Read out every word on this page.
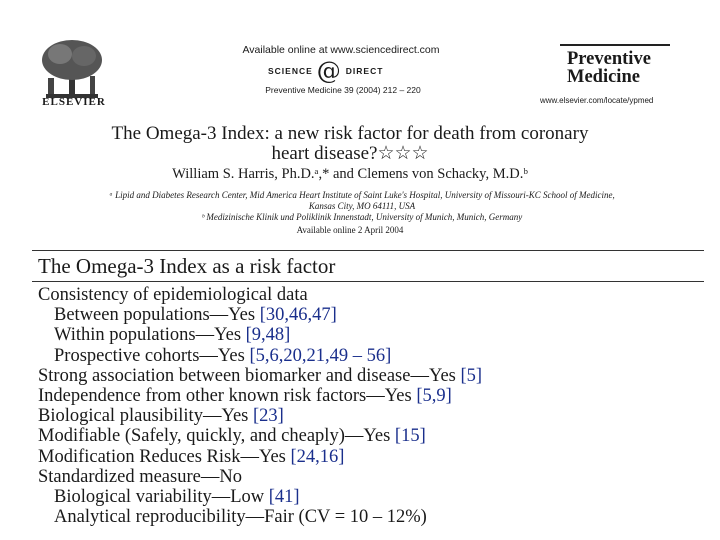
ELSEVIER
Available online at www.sciencedirect.com
SCIENCE @ DIRECT
Preventive Medicine 39 (2004) 212 – 220
Preventive
Medicine
www.elsevier.com/locate/ypmed
The Omega-3 Index: a new risk factor for death from coronary
heart disease?☆☆☆
William S. Harris, Ph.D.ᵃ,* and Clemens von Schacky, M.D.ᵇ
ᵃ Lipid and Diabetes Research Center, Mid America Heart Institute of Saint Luke's Hospital, University of Missouri-KC School of Medicine,
Kansas City, MO 64111, USA
ᵇ Medizinische Klinik und Poliklinik Innenstadt, University of Munich, Munich, Germany
Available online 2 April 2004
The Omega-3 Index as a risk factor
Consistency of epidemiological data
Between populations—Yes [30,46,47]
Within populations—Yes [9,48]
Prospective cohorts—Yes [5,6,20,21,49 – 56]
Strong association between biomarker and disease—Yes [5]
Independence from other known risk factors—Yes [5,9]
Biological plausibility—Yes [23]
Modifiable (Safely, quickly, and cheaply)—Yes [15]
Modification Reduces Risk—Yes [24,16]
Standardized measure—No
Biological variability—Low [41]
Analytical reproducibility—Fair (CV = 10 – 12%)
